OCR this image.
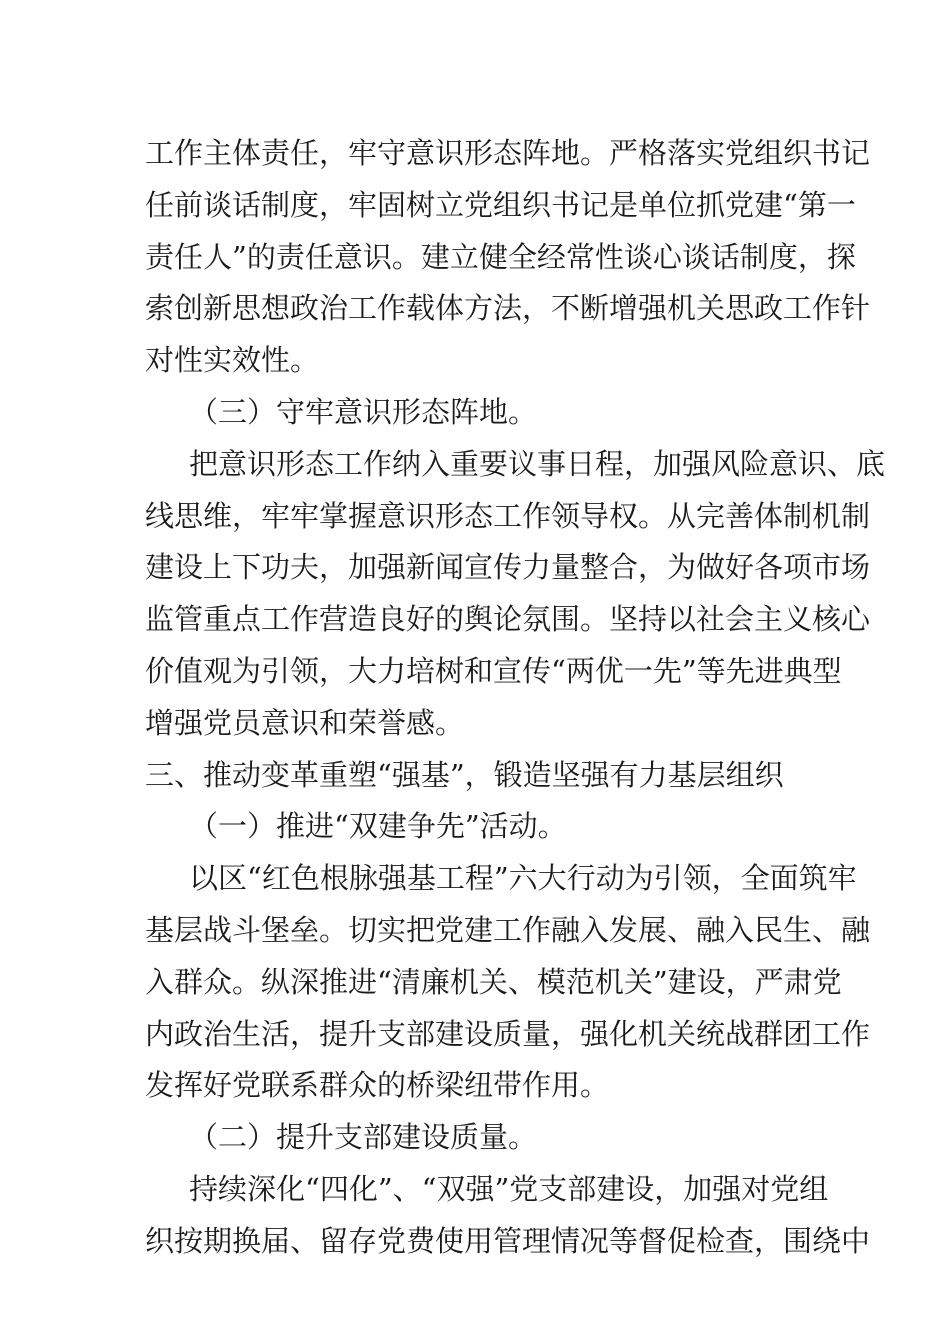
工作主体责任，牢守意识形态阵地。严格落实党组织书记
任前谈话制度，牢固树立党组织书记是单位抓党建“第一
责任人”的责任意识。建立健全经常性谈心谈话制度，探
索创新思想政治工作载体方法，不断增强机关思政工作针
对性实效性。
（三）守牢意识形态阵地。
把意识形态工作纳入重要议事日程，加强风险意识、底
线思维，牢牢掌握意识形态工作领导权。从完善体制机制
建设上下功夫，加强新闻宣传力量整合，为做好各项市场
监管重点工作营造良好的舆论氛围。坚持以社会主义核心
价值观为引领，大力培树和宣传“两优一先”等先进典型
增强党员意识和荣誉感。
三、推动变革重塑“强基”，锻造坚强有力基层组织
（一）推进“双建争先”活动。
以区“红色根脉强基工程”六大行动为引领，全面筑牢
基层战斗堡垒。切实把党建工作融入发展、融入民生、融
入群众。纵深推进“清廉机关、模范机关”建设，严肃党
内政治生活，提升支部建设质量，强化机关统战群团工作
发挥好党联系群众的桥梁纽带作用。
（二）提升支部建设质量。
持续深化“四化”、“双强”党支部建设，加强对党组
织按期换届、留存党费使用管理情况等督促检查，围绕中
